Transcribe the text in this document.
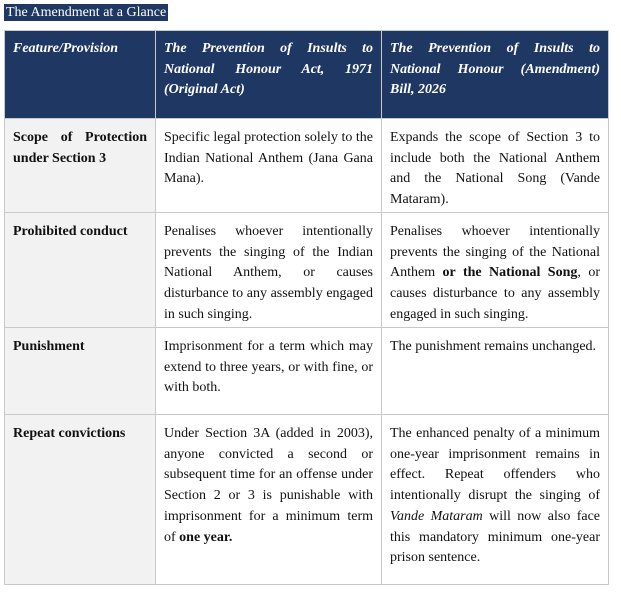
The Amendment at a Glance
Feature/Provision	The Prevention of Insults to National Honour Act, 1971 (Original Act)	The Prevention of Insults to National Honour (Amendment) Bill, 2026
Scope of Protection under Section 3	Specific legal protection solely to the Indian National Anthem (Jana Gana Mana).	Expands the scope of Section 3 to include both the National Anthem and the National Song (Vande Mataram).
Prohibited conduct	Penalises whoever intentionally prevents the singing of the Indian National Anthem, or causes disturbance to any assembly engaged in such singing.	Penalises whoever intentionally prevents the singing of the National Anthem or the National Song, or causes disturbance to any assembly engaged in such singing.
Punishment	Imprisonment for a term which may extend to three years, or with fine, or with both.	The punishment remains unchanged.
Repeat convictions	Under Section 3A (added in 2003), anyone convicted a second or subsequent time for an offense under Section 2 or 3 is punishable with imprisonment for a minimum term of one year.	The enhanced penalty of a minimum one-year imprisonment remains in effect. Repeat offenders who intentionally disrupt the singing of Vande Mataram will now also face this mandatory minimum one-year prison sentence.
